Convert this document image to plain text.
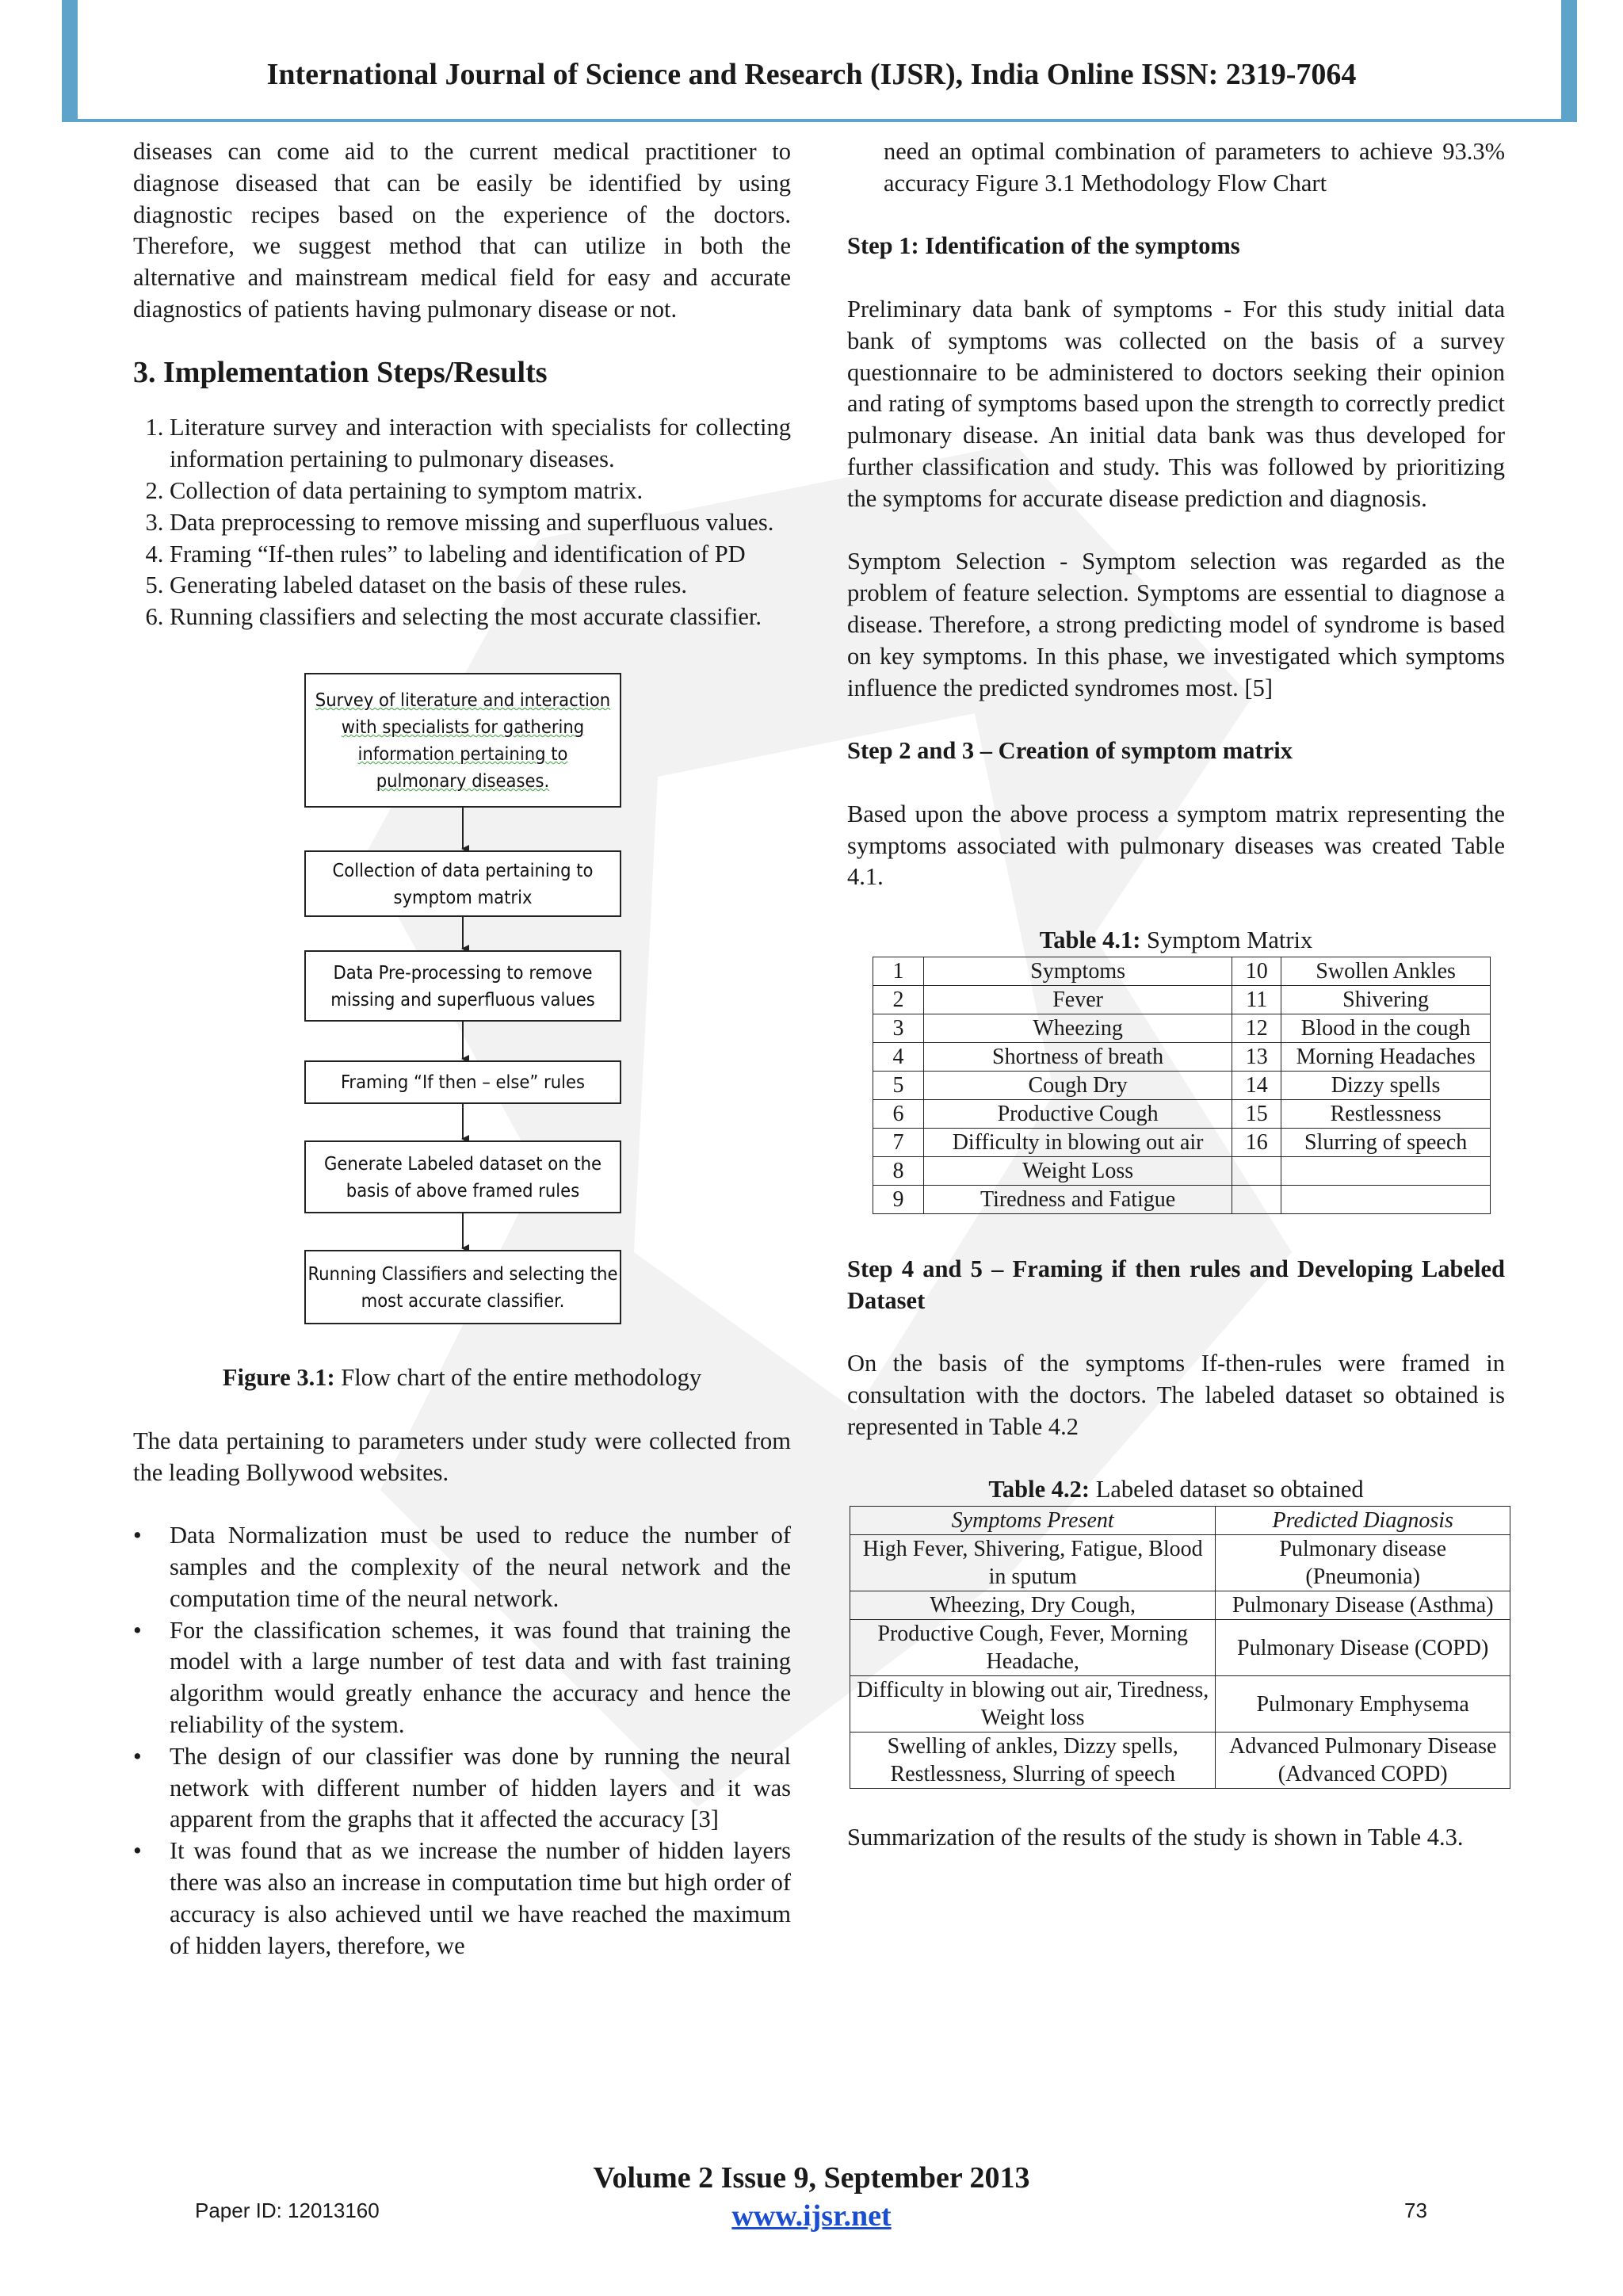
International Journal of Science and Research (IJSR), India Online ISSN: 2319-7064

diseases can come aid to the current medical practitioner to diagnose diseased that can be easily be identified by using diagnostic recipes based on the experience of the doctors. Therefore, we suggest method that can utilize in both the alternative and mainstream medical field for easy and accurate diagnostics of patients having pulmonary disease or not.

3. Implementation Steps/Results
1. Literature survey and interaction with specialists for collecting information pertaining to pulmonary diseases.
2. Collection of data pertaining to symptom matrix.
3. Data preprocessing to remove missing and superfluous values.
4. Framing “If-then rules” to labeling and identification of PD
5. Generating labeled dataset on the basis of these rules.
6. Running classifiers and selecting the most accurate classifier.
Survey of literature and interaction with specialists for gathering information pertaining to pulmonary diseases.
Collection of data pertaining to symptom matrix
Data Pre-processing to remove missing and superfluous values
Framing “If then – else” rules
Generate Labeled dataset on the basis of above framed rules
Running Classifiers and selecting the most accurate classifier.
Figure 3.1: Flow chart of the entire methodology

The data pertaining to parameters under study were collected from the leading Bollywood websites.

• Data Normalization must be used to reduce the number of samples and the complexity of the neural network and the computation time of the neural network.
• For the classification schemes, it was found that training the model with a large number of test data and with fast training algorithm would greatly enhance the accuracy and hence the reliability of the system.
• The design of our classifier was done by running the neural network with different number of hidden layers and it was apparent from the graphs that it affected the accuracy [3]
• It was found that as we increase the number of hidden layers there was also an increase in computation time but high order of accuracy is also achieved until we have reached the maximum of hidden layers, therefore, we

need an optimal combination of parameters to achieve 93.3% accuracy Figure 3.1 Methodology Flow Chart

Step 1: Identification of the symptoms

Preliminary data bank of symptoms - For this study initial data bank of symptoms was collected on the basis of a survey questionnaire to be administered to doctors seeking their opinion and rating of symptoms based upon the strength to correctly predict pulmonary disease. An initial data bank was thus developed for further classification and study. This was followed by prioritizing the symptoms for accurate disease prediction and diagnosis.

Symptom Selection - Symptom selection was regarded as the problem of feature selection. Symptoms are essential to diagnose a disease. Therefore, a strong predicting model of syndrome is based on key symptoms. In this phase, we investigated which symptoms influence the predicted syndromes most. [5]

Step 2 and 3 – Creation of symptom matrix

Based upon the above process a symptom matrix representing the symptoms associated with pulmonary diseases was created Table 4.1.

Table 4.1: Symptom Matrix

1	Symptoms	10	Swollen Ankles
2	Fever	11	Shivering
3	Wheezing	12	Blood in the cough
4	Shortness of breath	13	Morning Headaches
5	Cough Dry	14	Dizzy spells
6	Productive Cough	15	Restlessness
7	Difficulty in blowing out air	16	Slurring of speech
8	Weight Loss		
9	Tiredness and Fatigue		

Step 4 and 5 – Framing if then rules and Developing Labeled Dataset

On the basis of the symptoms If-then-rules were framed in consultation with the doctors. The labeled dataset so obtained is represented in Table 4.2

Table 4.2: Labeled dataset so obtained

Symptoms Present	Predicted Diagnosis
High Fever, Shivering, Fatigue, Blood in sputum	Pulmonary disease (Pneumonia)
Wheezing, Dry Cough,	Pulmonary Disease (Asthma)
Productive Cough, Fever, Morning Headache,	Pulmonary Disease (COPD)
Difficulty in blowing out air, Tiredness, Weight loss	Pulmonary Emphysema
Swelling of ankles, Dizzy spells, Restlessness, Slurring of speech	Advanced Pulmonary Disease (Advanced COPD)

Summarization of the results of the study is shown in Table 4.3.

Volume 2 Issue 9, September 2013
www.ijsr.net
Paper ID: 12013160	73
